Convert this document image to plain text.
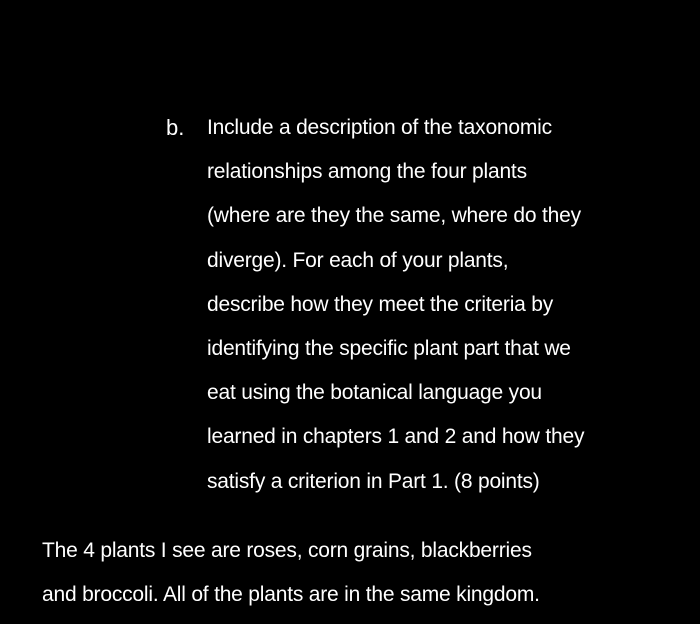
b. Include a description of the taxonomic
relationships among the four plants
(where are they the same, where do they
diverge). For each of your plants,
describe how they meet the criteria by
identifying the specific plant part that we
eat using the botanical language you
learned in chapters 1 and 2 and how they
satisfy a criterion in Part 1. (8 points)
The 4 plants I see are roses, corn grains, blackberries
and broccoli. All of the plants are in the same kingdom.
